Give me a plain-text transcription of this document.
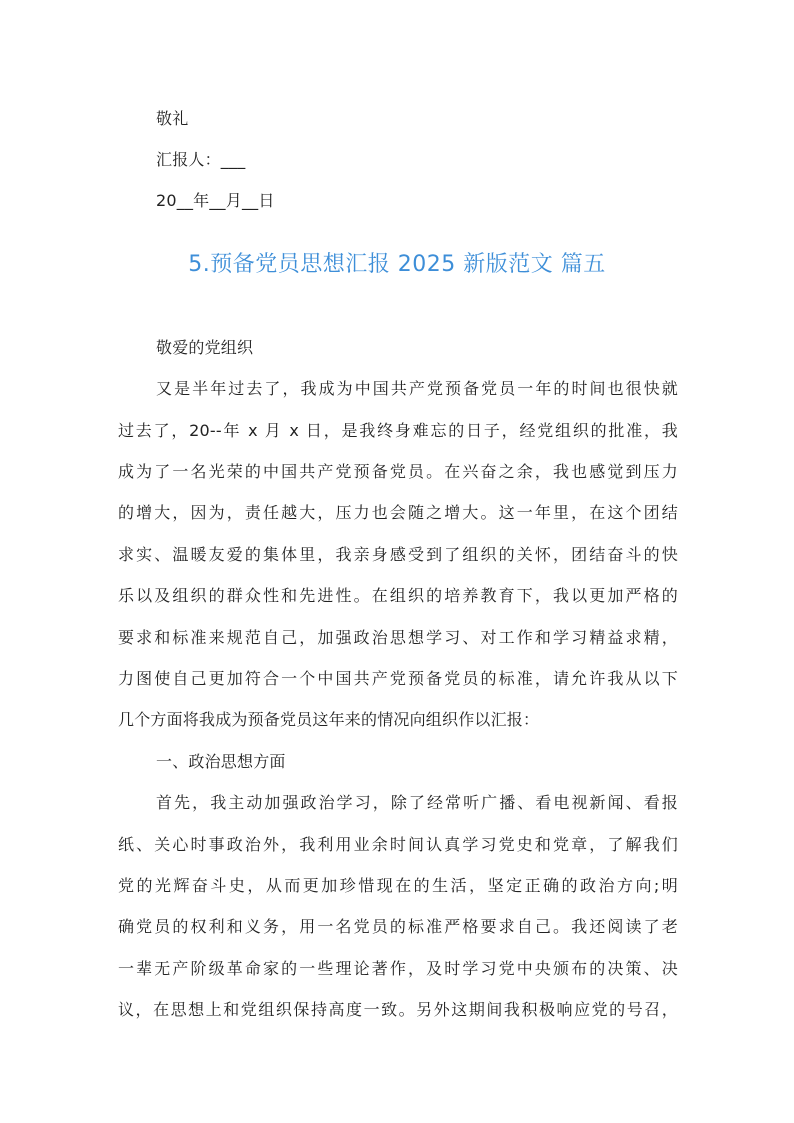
敬礼
汇报人：___
20__年__月__日
5.预备党员思想汇报 2025 新版范文 篇五
敬爱的党组织
又是半年过去了，我成为中国共产党预备党员一年的时间也很快就
过去了，20--年 x 月 x 日，是我终身难忘的日子，经党组织的批准，我
成为了一名光荣的中国共产党预备党员。在兴奋之余，我也感觉到压力
的增大，因为，责任越大，压力也会随之增大。这一年里，在这个团结
求实、温暖友爱的集体里，我亲身感受到了组织的关怀，团结奋斗的快
乐以及组织的群众性和先进性。在组织的培养教育下，我以更加严格的
要求和标准来规范自己，加强政治思想学习、对工作和学习精益求精，
力图使自己更加符合一个中国共产党预备党员的标准，请允许我从以下
几个方面将我成为预备党员这年来的情况向组织作以汇报：
一、政治思想方面
首先，我主动加强政治学习，除了经常听广播、看电视新闻、看报
纸、关心时事政治外，我利用业余时间认真学习党史和党章，了解我们
党的光辉奋斗史，从而更加珍惜现在的生活，坚定正确的政治方向;明
确党员的权利和义务，用一名党员的标准严格要求自己。我还阅读了老
一辈无产阶级革命家的一些理论著作，及时学习党中央颁布的决策、决
议，在思想上和党组织保持高度一致。另外这期间我积极响应党的号召，
